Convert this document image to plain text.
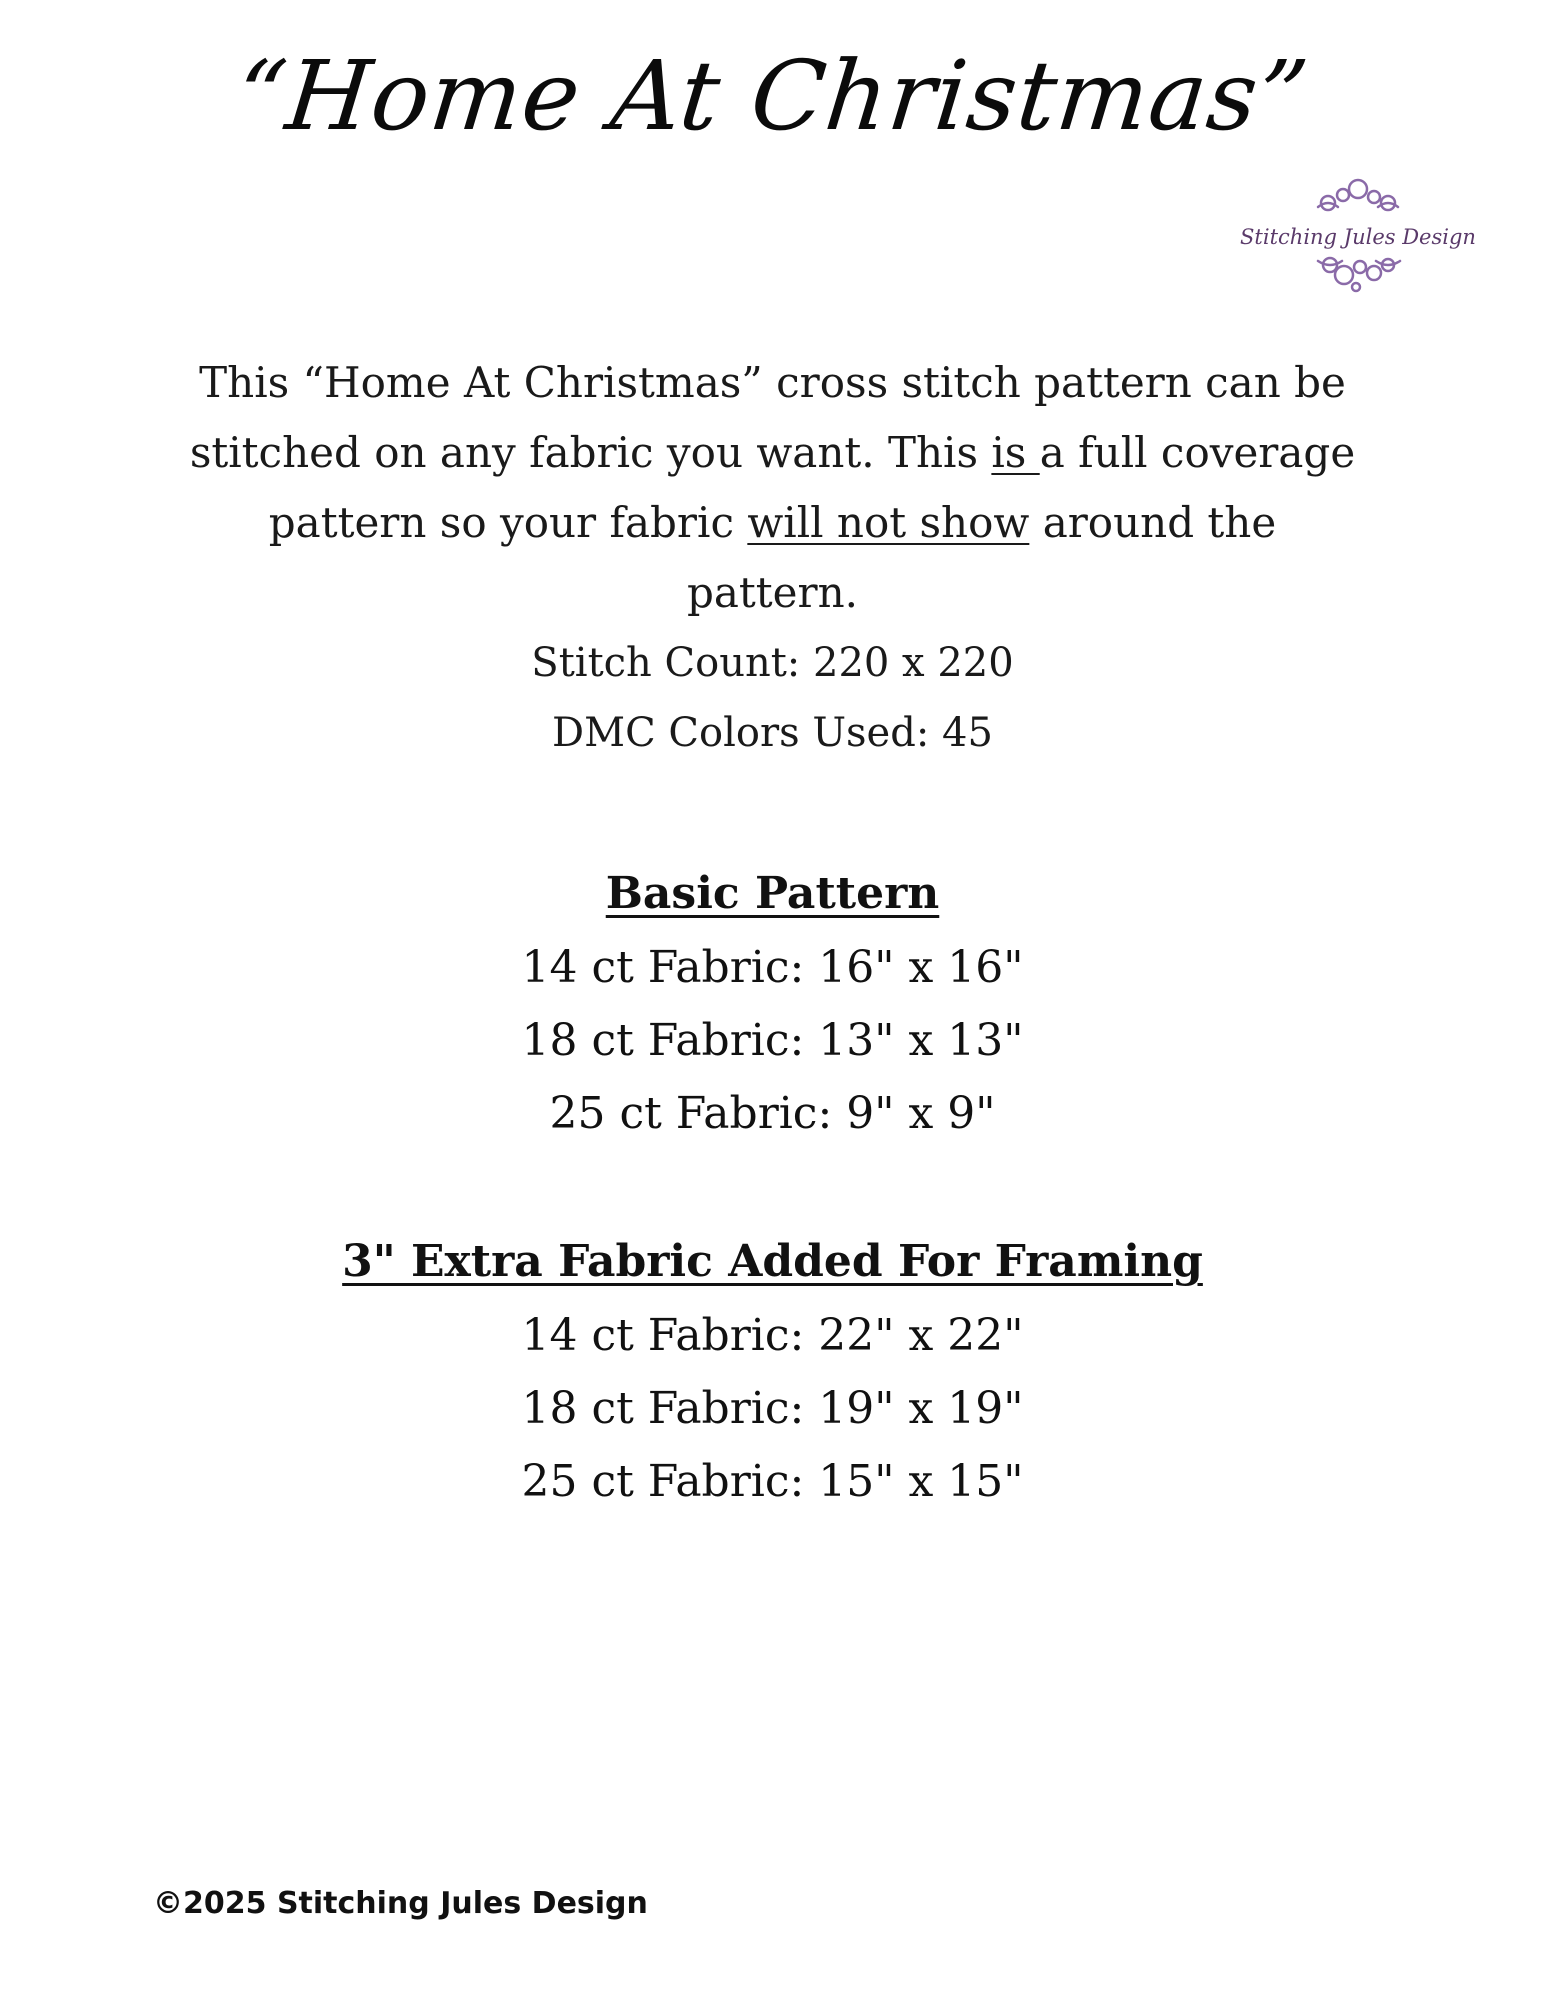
“Home At Christmas”
Stitching Jules Design
This “Home At Christmas” cross stitch pattern can be
stitched on any fabric you want. This is a full coverage
pattern so your fabric will not show around the pattern.
Stitch Count: 220 x 220
DMC Colors Used: 45
Basic Pattern
14 ct Fabric: 16" x 16"
18 ct Fabric: 13" x 13"
25 ct Fabric: 9" x 9"
3" Extra Fabric Added For Framing
14 ct Fabric: 22" x 22"
18 ct Fabric: 19" x 19"
25 ct Fabric: 15" x 15"
©2025 Stitching Jules Design
